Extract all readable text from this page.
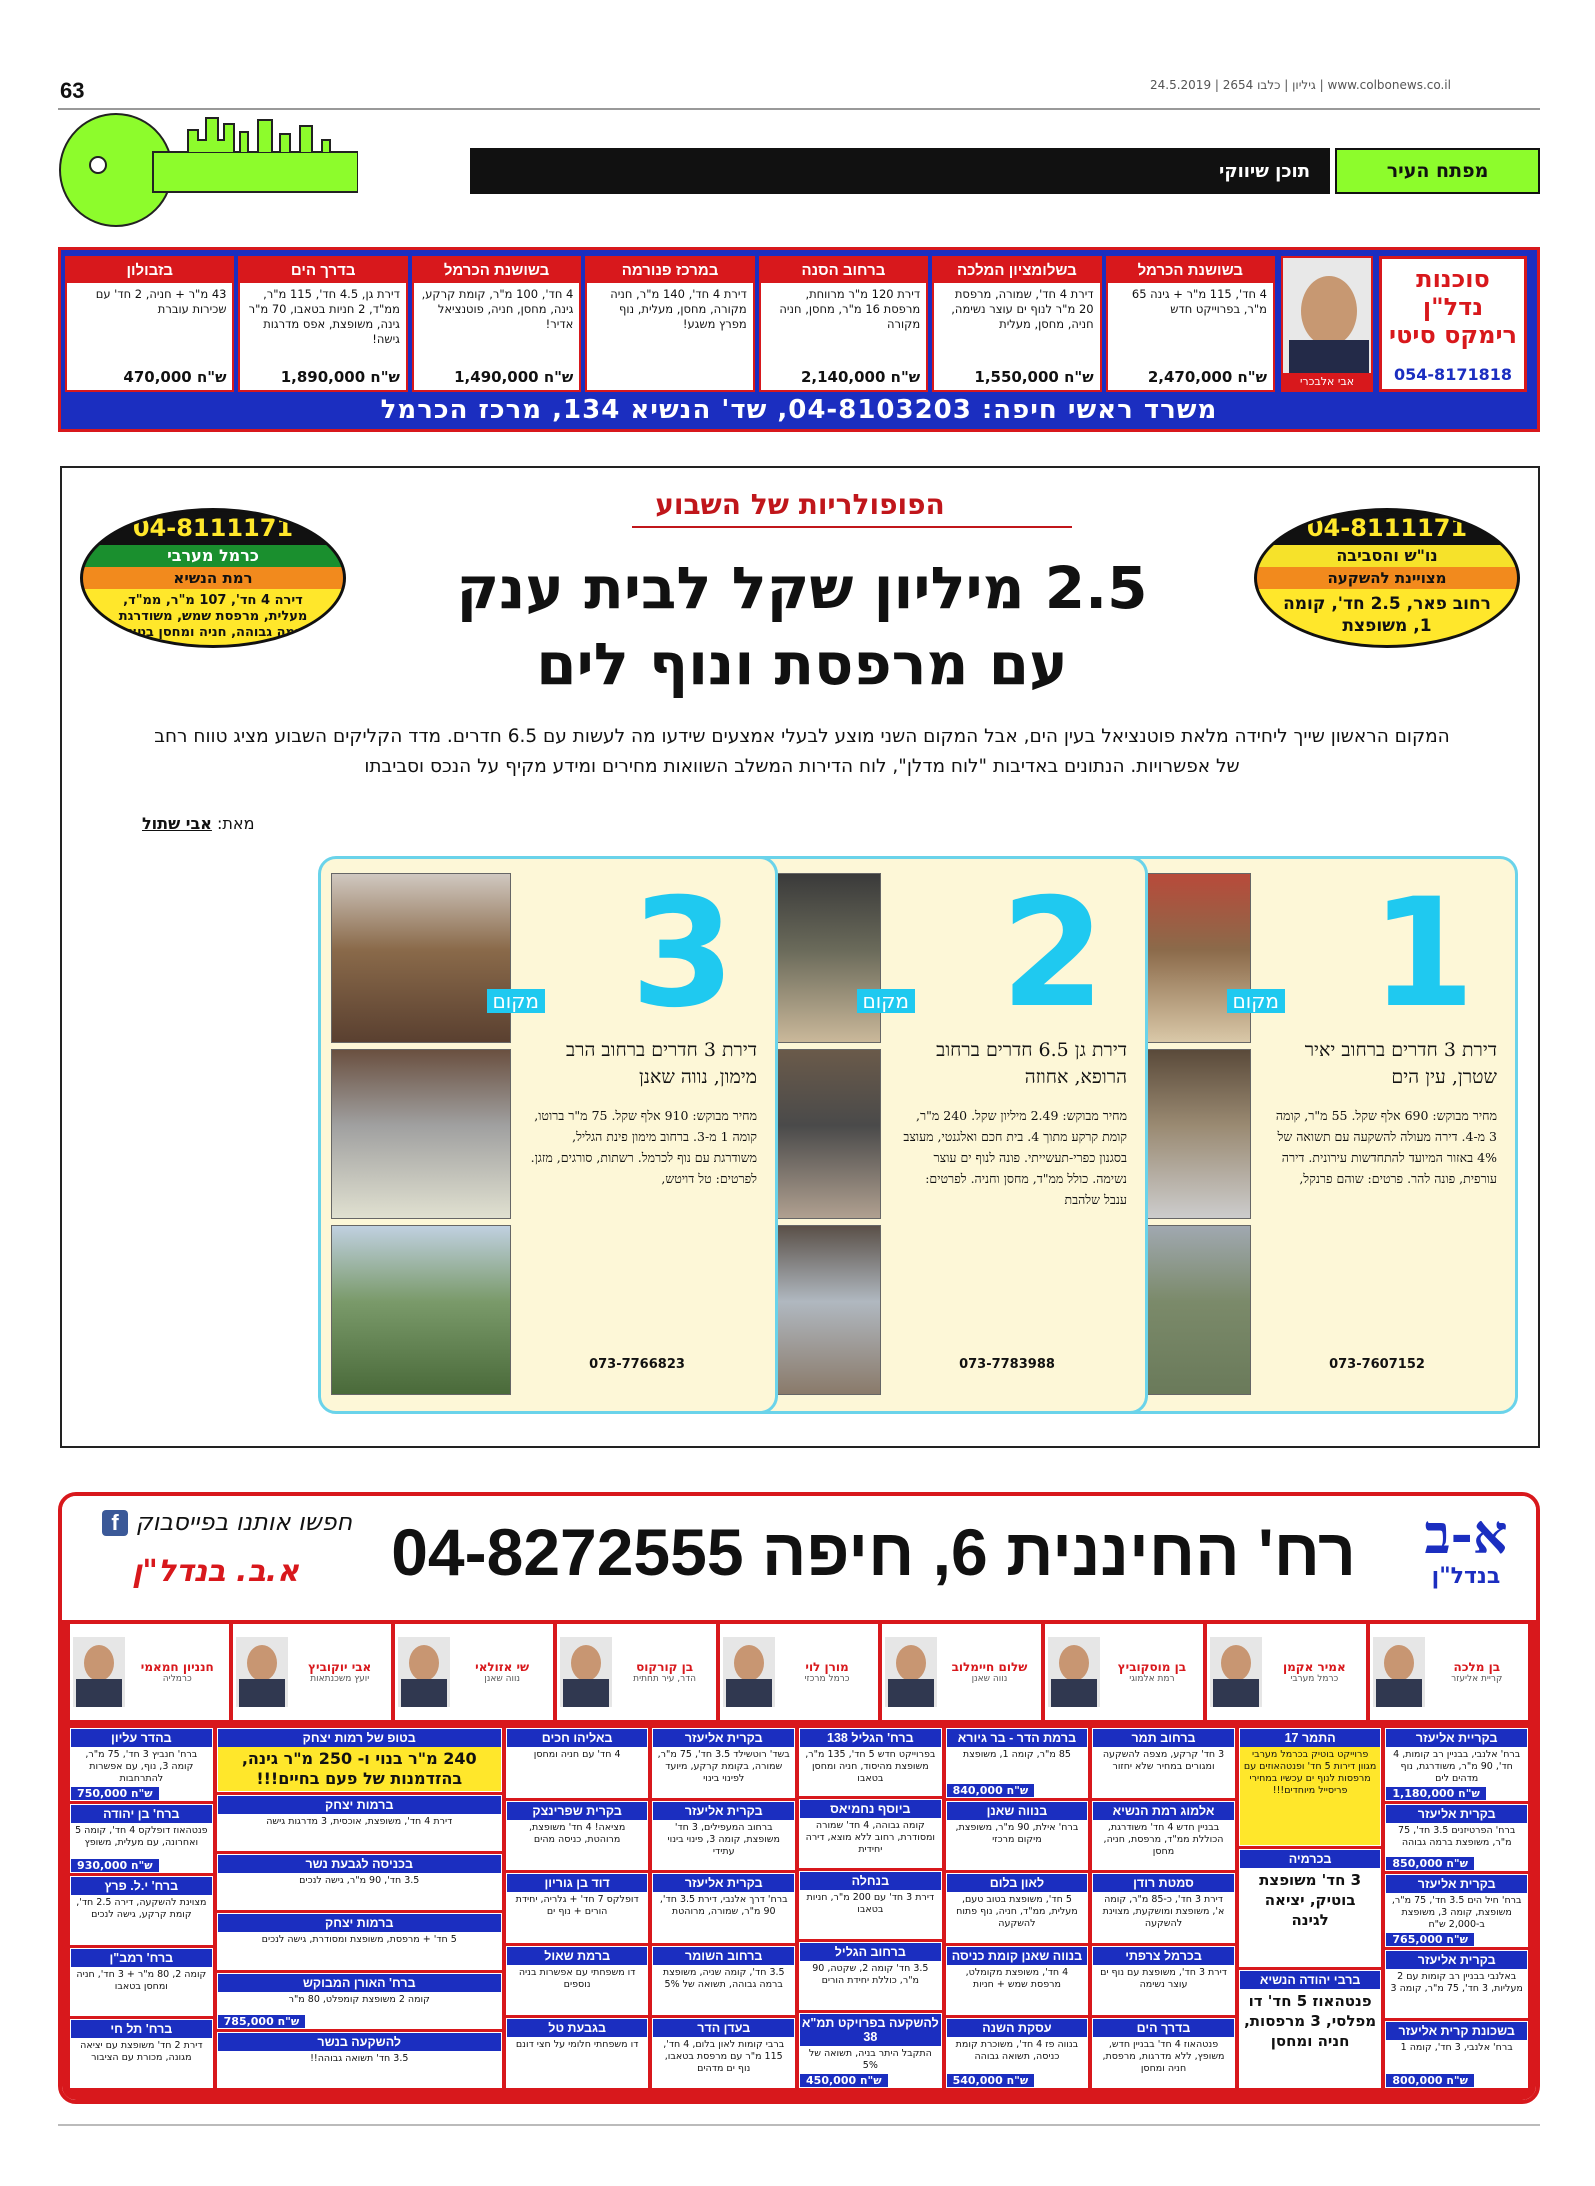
63	24.5.2019 | 2654 גיליון | כלבו | www.colbonews.co.il
תוכן שיווקי	מפתח העיר
סוכנות נדל"ן
רימקס סיטי
054-8171818
אבי אלבכרי
בשושנת הכרמל
4 חד', 115 מ"ר + גינה 65 מ"ר, בפרוייקט חדש
2,470,000 ש"ח
בשלומציון המלכה
דירת 4 חד', שמורה, מרפסת 20 מ"ר לנוף ים עוצר נשימה, חניה, מחסן, מעלית
1,550,000 ש"ח
ברחוב הסנה
דירת 120 מ"ר מרווחת, מרפסת 16 מ"ר, מחסן, חניה מקורה
2,140,000 ש"ח
במרכז פנורמה
דירת 4 חד', 140 מ"ר, חניה מקורה, מחסן, מעלית, נוף מפרץ משגע!
בשושנת הכרמל
4 חד', 100 מ"ר, קומת קרקע, גינה, מחסן, חניה, פוטנציאל אדיר!
1,490,000 ש"ח
בדרך הים
דירת גן, 4.5 חד', 115 מ"ר, ממ"ד, 2 חניות בטאבו, 70 מ"ר גינה, משופצת, אפס מדרגות גישה!
1,890,000 ש"ח
בזבולון
43 מ"ר + חניה, 2 חד' עם שכירות עוברת
470,000 ש"ח
משרד ראשי חיפה: 04-8103203, שד' הנשיא 134, מרכז הכרמל
הפופולריות של השבוע
04-8111171
נו"ש והסביבה
מצויינת להשקעה
רחוב פאר, 2.5 חד', קומה 1, משופצת
04-8111171
כרמל מערבי
רמת הנשיא
דירה 4 חד', 107 מ"ר, ממ"ד, מעלית, מרפסת שמש, משודרגת ברמה גבוהה, חניה ומחסן בטאבו
2.5 מיליון שקל לבית ענק
עם מרפסת ונוף לים
המקום הראשון שייך ליחידה מלאת פוטנציאל בעין הים, אבל המקום השני מוצע לבעלי אמצעים שידעו מה לעשות עם 6.5 חדרים. מדד הקליקים השבוע מציג טווח רחב של אפשרויות. הנתונים באדיבות "לוח מדלן", לוח הדירות המשלב השוואות מחירים ומידע מקיף על הנכס וסביבתו
מאת: אבי שתול
1
מקום
דירת 3 חדרים ברחוב יאיר שטרן, עין הים
מחיר מבוקש: 690 אלף שקל. 55 מ"ר, קומה 3 מ-4. דירה מעולה להשקעה עם תשואה של 4% באזור המיועד להתחדשות עירונית. דירה עורפית, פונה להר. פרטים: שוהם פרנקל,
073-7607152
2
מקום
דירת גן 6.5 חדרים ברחוב הרופא, אחוזה
מחיר מבוקש: 2.49 מיליון שקל. 240 מ"ר, קומת קרקע מתוך 4. בית חכם ואלגנטי, מעוצב בסגנון כפרי-תעשייתי. פונה לנוף ים עוצר נשימה. כולל ממ"ד, מחסן וחניה. לפרטים: ענבל שלהבת
073-7783988
3
מקום
דירת 3 חדרים ברחוב הרב מימון, נווה שאנן
מחיר מבוקש: 910 אלף שקל. 75 מ"ר ברוטו, קומה 1 מ-3. ברחוב מימון פינת הגליל, משודרגת עם נוף לכרמל. רשתות, סורגים, מזגן. לפרטים: טל דויטש,
073-7766823
א-ב
בנדל"ן
רח' החיננית 6, חיפה 04-8272555
חפשו אותנו בפייסבוק f
א.ב. בנדל"ן
בן מלכה
קריית אליעזר
אמיר אקמן
כרמל מערבי
בן מוסקוביץ
רמת אלמוגי
שלום חיימלוב
נווה שאנן
מורן לוי
כרמל מרכזי
בן קורקוס
הדר, עיר תחתית
שי אזולאי
נווה שאנן
אבי יוקוביץ
יועץ משכנתאות
חנניון חמאמי
כרמליה
בקריית אליעזר
ברח' אלנבי, בבניין רב קומות, 4 חד', 90 מ"ר, משודרגת, נוף מדהים לים
1,180,000 ש"ח
בקרית אליעזר
ברח' הפרטיזנים 3.5 חד', 75 מ"ר, משופצת ברמה גבוהה
850,000 ש"ח
בקרית אליעזר
ברח' חיל הים 3.5 חד', 75 מ"ר, משופצת, קומה 3, משופצת ב-2,000 ש"ח
765,000 ש"ח
בקרית אליעזר
באלנבי בבניין רב קומות עם 2 מעליות, 3 חד', 75 מ"ר, קומה 3
בשכונת קרית אליעזר
ברח' אלנבי, 3 חד', קומה 1
800,000 ש"ח
התמר 17
פרוייקט בוטיק בכרמל מערבי מגוון דירות 5 חד' ופנטהאוזים עם מרפסות לנוף ים עכשיו במחירי פריסייל מיוחדים!!!
בכרמיה
3 חד' משופצת בוטיק, יציאה לגינה
ברבי יהודה הנשיא
פנטהאוז 5 חד' דו מפלסי, 3 מרפסות, חניה ומחסן
ברחוב תמר
3 חד' קרקע, מצפה להשקעה ומגורים במחיר שלא יחזור
אלמוג רמת הנשיא
בבניין חדש 4 חד' משודרגת, הכוללת ממ"ד, מרפסת, חניה, מחסן
סמטת רודן
דירת 3 חד', כ-85 מ"ר, קומה א', משופצת ומושקעת, מצוינת להשקעה
בכרמל צרפתי
דירת 3 חד', משופצת עם נוף ים עוצר נשימה
בדרך הים
פנטהאוז 4 חד' בבניין חדש, משופץ, ללא מדרגות, מרפסת, חניה ומחסן
ברמת הדר - בר גיורא
85 מ"ר, קומה 1, משופצת
840,000 ש"ח
בנווה שאנן
ברח' אילת, 90 מ"ר, משופצת, מיקום מרכזי
לאון בלום
5 חד', משופצת בטוב טעם, מעלית, ממ"ד, חניה, נוף פתוח להשקעה
בנווה שאנן קומת כניסה
4 חד', משופצת מקומלט, מרפסת שמש + חניות
עסקת השנה
בנווה פז 4 חד', משוכרת קומת כניסה, תשואה גבוהה
540,000 ש"ח
ברח' הגליל 138
בפרוייקט חדש 5 חד', 135 מ"ר, משופצת מהיסוד, חניה ומחסן בטאבו
ביוסף נחמיאס
קומה גבוהה, 4 חד' שמורה ומסודרת, רחוב ללא מוצא, דירה יחידית
בנחלה
דירת 3 חד' עם 200 מ"ר, חניות בטאבו
ברחוב הגליל
3.5 חד' קומה 2, שקטה, 90 מ"ר, כוללת יחידת הורים
להשקעה בפרויקט תמ"א 38
התקבל היתר בניה, תשואה של 5%
450,000 ש"ח
בקרית אליעזר
בשד' רוטשילד 3.5 חד', 75 מ"ר, שמורה, בקומת קרקע, מיועד לפינוי בינוי
בקרית אליעזר
ברחוב המעפילים, 3 חד' משופצת, קומה 3, פינוי בינוי עתידי
בקרית אליעזר
ברח' דרך אלנבי, דירת 3.5 חד', 90 מ"ר, שמורה, מרוהטת
ברחוב השומר
3.5 חד', קומה שניה, משופצת ברמה גבוהה, תשואה של 5%
בעדן הדר
ברבי קומות לאון בלום, 4 חד', 115 מ"ר עם מרפסת בטאבו, נוף ים מדהים
באליהו חכים
4 חד' עם חניה ומחסן
בקרית שפרינצק
מציאה! 4 חד' משופצת, מרוהטת, כניסה מהים
דוד בן גוריון
דופלקס 7 חד' + גלריה, יחידת הורים + נוף ים
ברמת שאול
דו משפחתי עם אפשרות בניה נוספים
בגבעת טל
דו משפחתי חלומי על חצי דונם
בטופ של רמות יצחק
240 מ"ר בנוי ו- 250 מ"ר גינה, בהזדמנות של פעם בחיים!!!
ברמות יצחק
דירת 4 חד', משופצת, אוכסית, 3 מדרגות גישה
בכניסה לגבעת נשר
3.5 חד', 90 מ"ר, גישה לנכים
ברמות יצחק
5 חד' + מרפסת, משופצת ומסודרת, גישה לנכים
ברח' האורן המבוקש
קומה 2 משופצת קומפלט, 80 מ"ר
785,000 ש"ח
להשקעה בנשר
3.5 חד' תשואה גבוהה!!
בהדר עליון
ברח' חנביץ 3 חד', 75 מ"ר, קומה 3, נוף, עם אפשרות להתרחבות
750,000 ש"ח
ברח' בן יהודה
פנטהאוז דופלקס 4 חד', קומה 5 ואחרונה, עם מעלית, משופץ
930,000 ש"ח
ברח' י.ל. פרץ
מצוינת להשקעה, דירה 2.5 חד', קומת קרקע, גישה לנכים
ברח' רמב"ן
קומה 2, 80 מ"ר + 3 חד', חניה ומחסן בטאבו
ברח' תל חי
דירת 2 חד' משופצת עם יציאה מגונה, מכורת עם הציבור
